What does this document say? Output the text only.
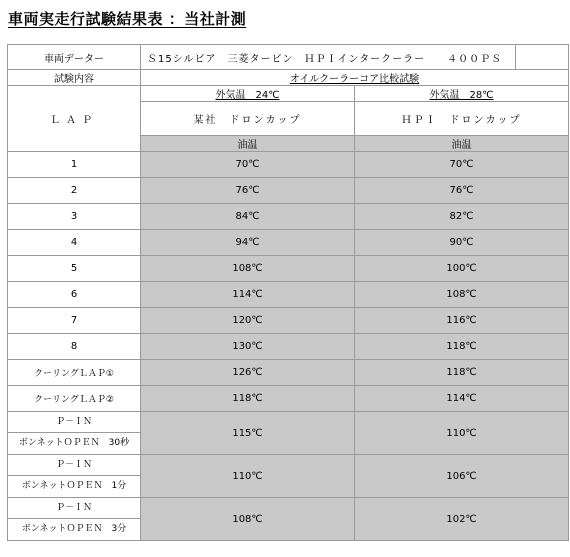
車両実走行試験結果表 ：当社計測
車両データー	Ｓ15シルビア　三菱タービン　ＨＰＩインタークーラー　　４００ＰＳ	

試験内容	オイルクーラーコア比較試験	
ＬＡＰ	外気温　24℃	外気温　28℃
	某社　ドロンカップ	ＨＰＩ　ドロンカップ
	油温	油温
1	70℃	70℃
2	76℃	76℃
3	84℃	82℃
4	94℃	90℃
5	108℃	100℃
6	114℃	108℃
7	120℃	116℃
8	130℃	118℃
クーリングＬＡＰ①	126℃	118℃
クーリングＬＡＰ②	118℃	114℃

Ｐ－ＩＮ
ボンネットＯＰＥＮ　30秒	115℃	110℃

Ｐ－ＩＮ
ボンネットＯＰＥＮ　1分	110℃	106℃

Ｐ－ＩＮ
ボンネットＯＰＥＮ　3分	108℃	102℃
